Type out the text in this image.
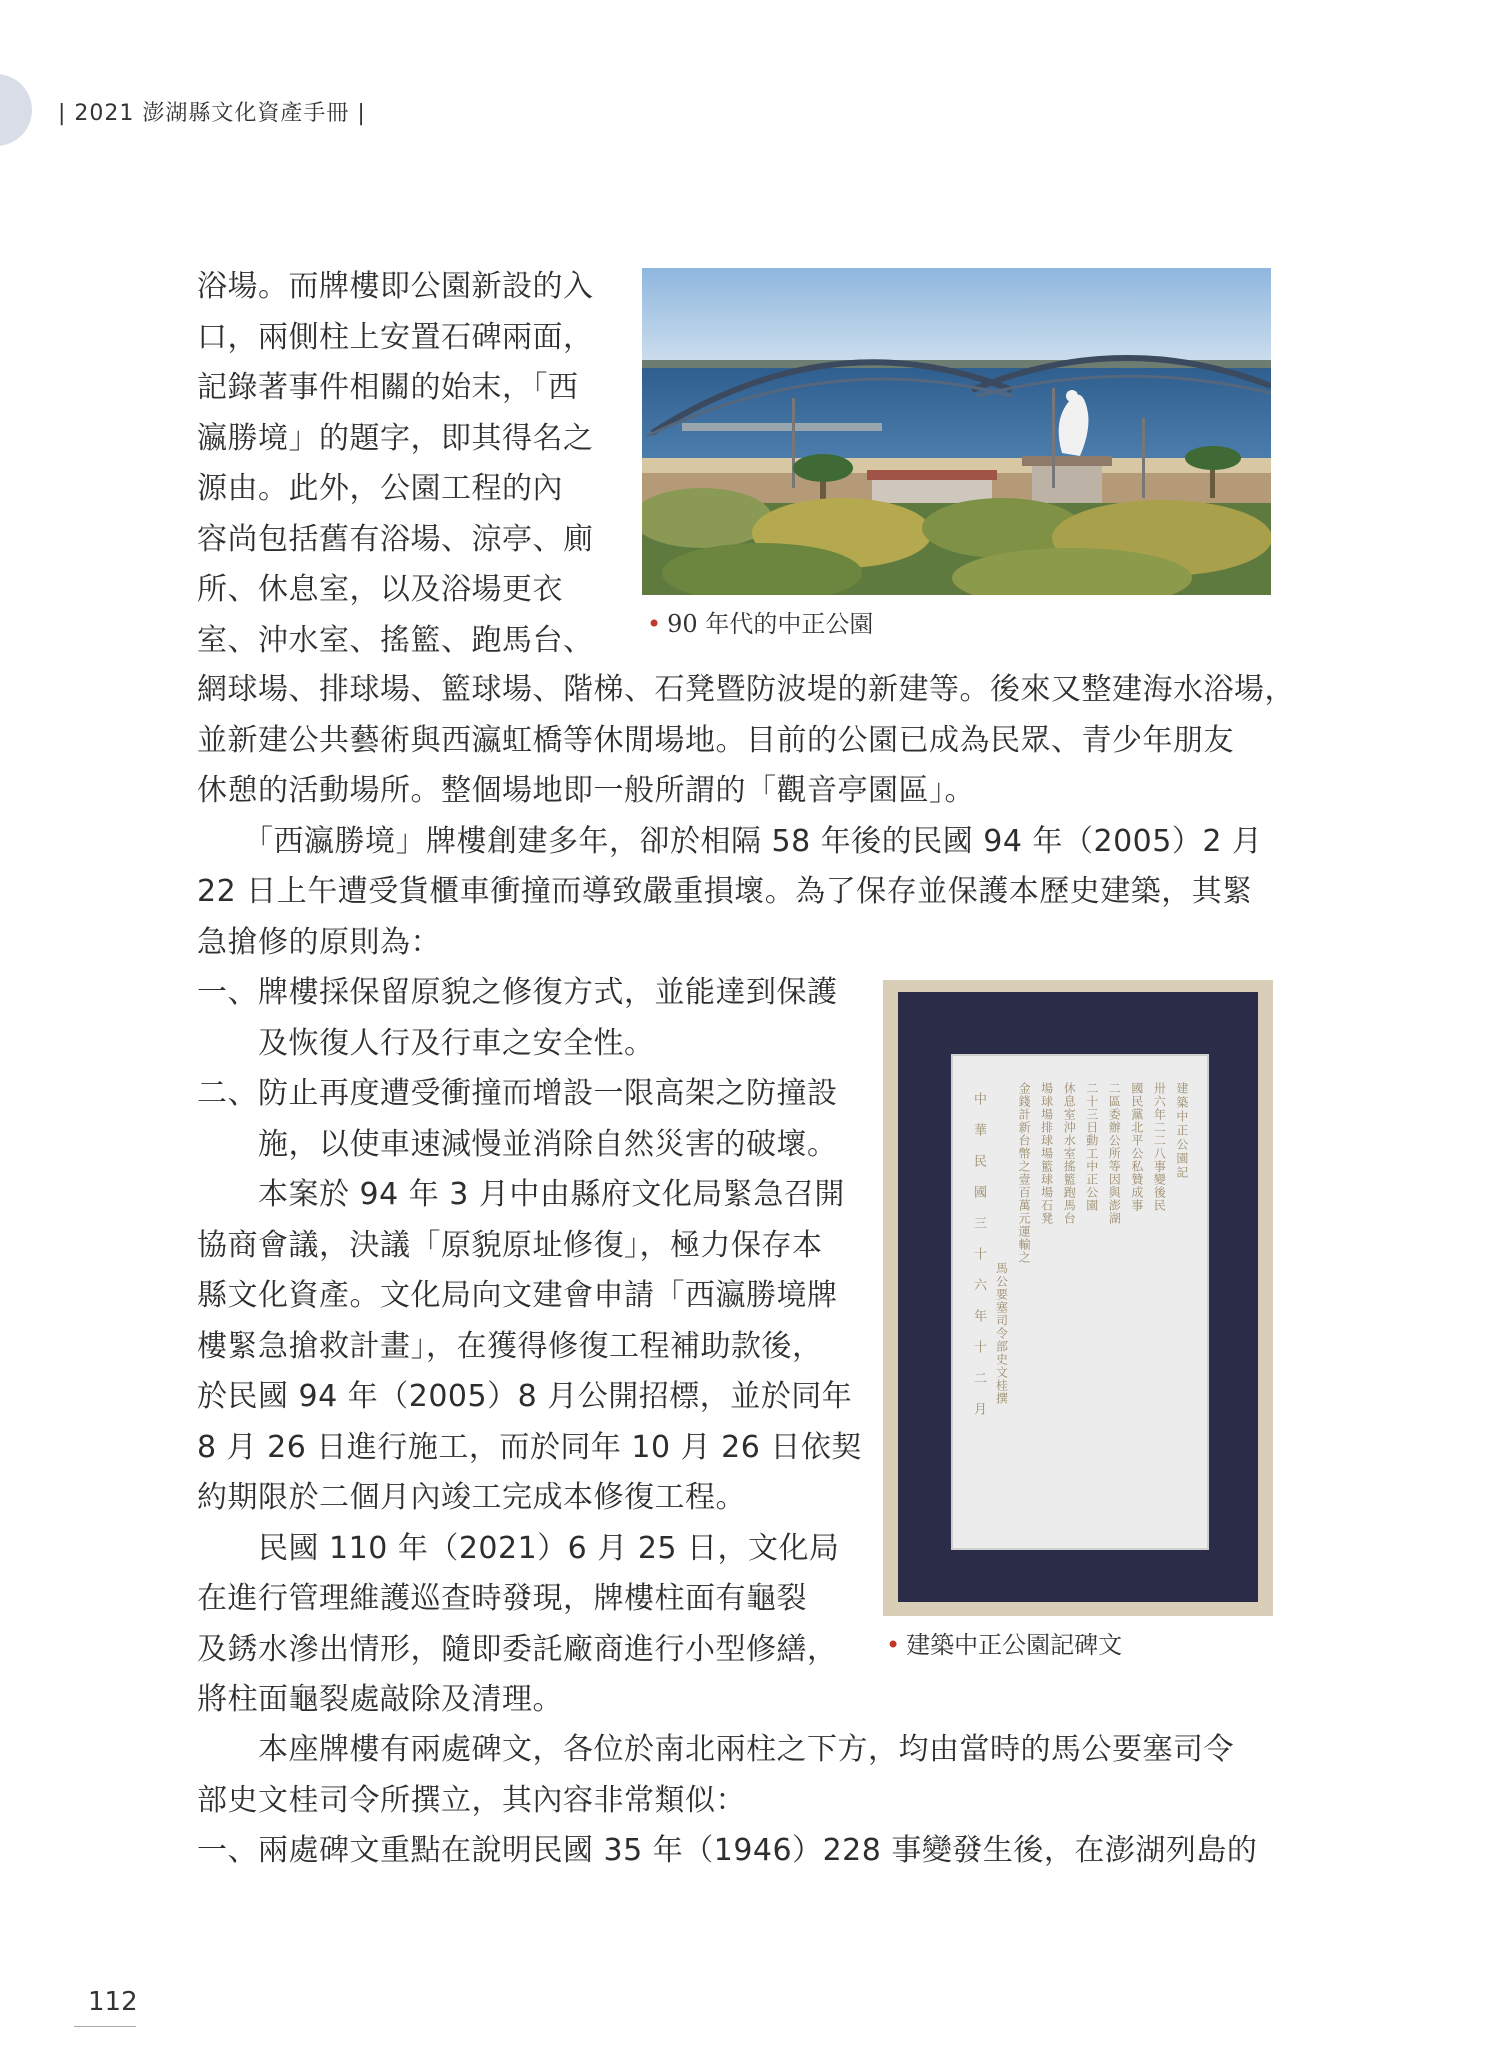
| 2021 澎湖縣文化資產手冊 |

浴場。而牌樓即公園新設的入

口，兩側柱上安置石碑兩面，

記錄著事件相關的始末，「西

瀛勝境」的題字，即其得名之

源由。此外，公園工程的內

容尚包括舊有浴場、涼亭、廁

所、休息室，以及浴場更衣

室、沖水室、搖籃、跑馬台、	• 90 年代的中正公園

網球場、排球場、籃球場、階梯、石凳暨防波堤的新建等。後來又整建海水浴場，

並新建公共藝術與西瀛虹橋等休閒場地。目前的公園已成為民眾、青少年朋友

休憩的活動場所。整個場地即一般所謂的「觀音亭園區」。

　　「西瀛勝境」牌樓創建多年，卻於相隔 58 年後的民國 94 年（2005）2 月

22 日上午遭受貨櫃車衝撞而導致嚴重損壞。為了保存並保護本歷史建築，其緊

急搶修的原則為：

一、牌樓採保留原貌之修復方式，並能達到保護

　　及恢復人行及行車之安全性。

二、防止再度遭受衝撞而增設一限高架之防撞設

　　施，以使車速減慢並消除自然災害的破壞。

　　本案於 94 年 3 月中由縣府文化局緊急召開

協商會議，決議「原貌原址修復」，極力保存本

縣文化資產。文化局向文建會申請「西瀛勝境牌

樓緊急搶救計畫」，在獲得修復工程補助款後，

於民國 94 年（2005）8 月公開招標，並於同年

8 月 26 日進行施工，而於同年 10 月 26 日依契

約期限於二個月內竣工完成本修復工程。

　　民國 110 年（2021）6 月 25 日，文化局

在進行管理維護巡查時發現，牌樓柱面有龜裂

及銹水滲出情形，隨即委託廠商進行小型修繕，

將柱面龜裂處敲除及清理。

建築中正公園記
卅六年二二八事變後民
國民黨北平公私贊成事
二區委辦公所等因與澎湖
二十三日動工中正公園
休息室沖水室搖籃跑馬台
場球場排球場籃球場石凳
金錢計新台幣之壹百萬元運輸之
馬公要塞司令部史文桂撰
中華民國三十六年十二月
• 建築中正公園記碑文

　　本座牌樓有兩處碑文，各位於南北兩柱之下方，均由當時的馬公要塞司令

部史文桂司令所撰立，其內容非常類似：

一、兩處碑文重點在說明民國 35 年（1946）228 事變發生後，在澎湖列島的

112
